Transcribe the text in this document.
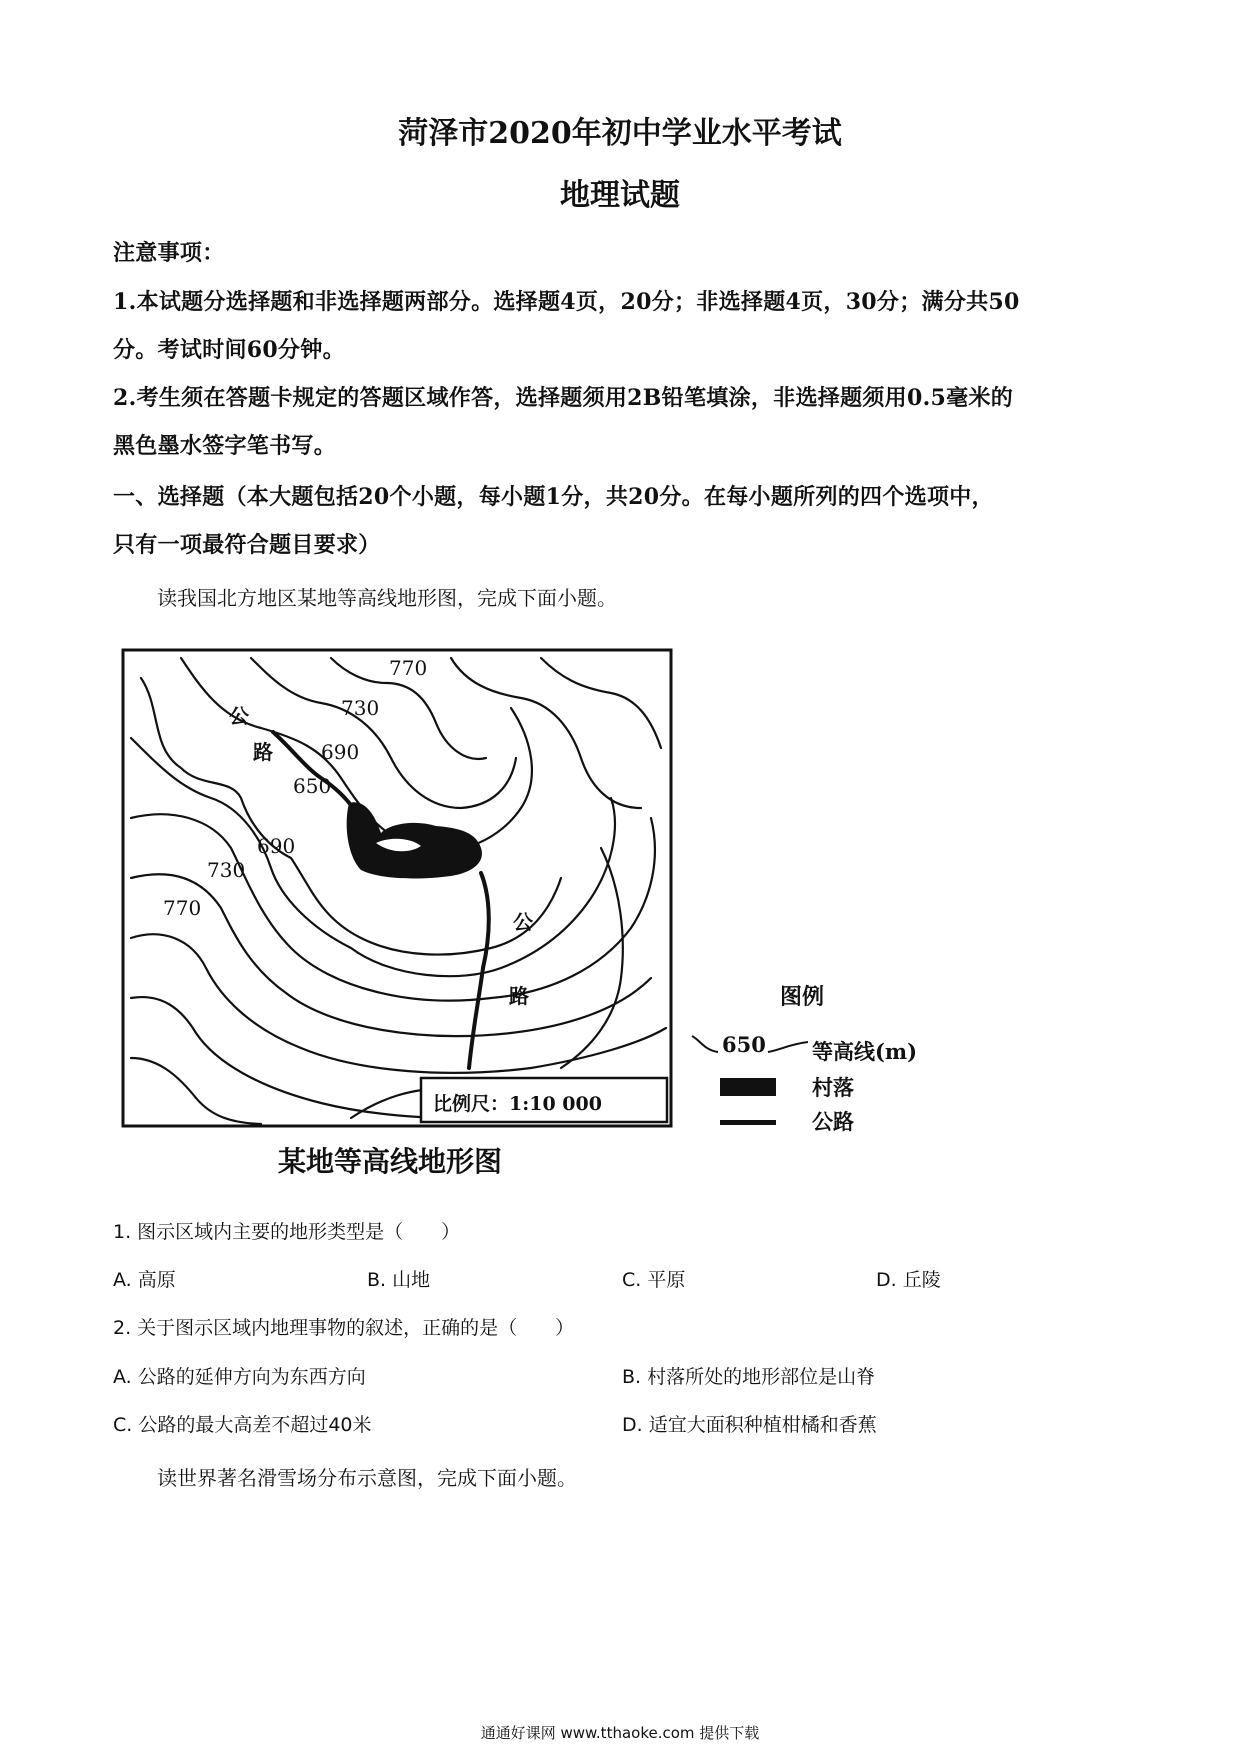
菏泽市2020年初中学业水平考试
地理试题
注意事项：
1.本试题分选择题和非选择题两部分。选择题4页，20分；非选择题4页，30分；满分共50
分。考试时间60分钟。
2.考生须在答题卡规定的答题区域作答，选择题须用2B铅笔填涂，非选择题须用0.5毫米的
黑色墨水签字笔书写。
一、选择题（本大题包括20个小题，每小题1分，共20分。在每小题所列的四个选项中，
只有一项最符合题目要求）
读我国北方地区某地等高线地形图，完成下面小题。
770
730
690
650
690
730
770
公
路
公
路
比例尺：1:10 000
某地等高线地形图
图例
650 等高线(m)
村落
公路
1. 图示区域内主要的地形类型是（　　）
A. 高原	B. 山地	C. 平原	D. 丘陵
2. 关于图示区域内地理事物的叙述，正确的是（　　）
A. 公路的延伸方向为东西方向	B. 村落所处的地形部位是山脊
C. 公路的最大高差不超过40米	D. 适宜大面积种植柑橘和香蕉
读世界著名滑雪场分布示意图，完成下面小题。
通通好课网 www.tthaoke.com 提供下载
